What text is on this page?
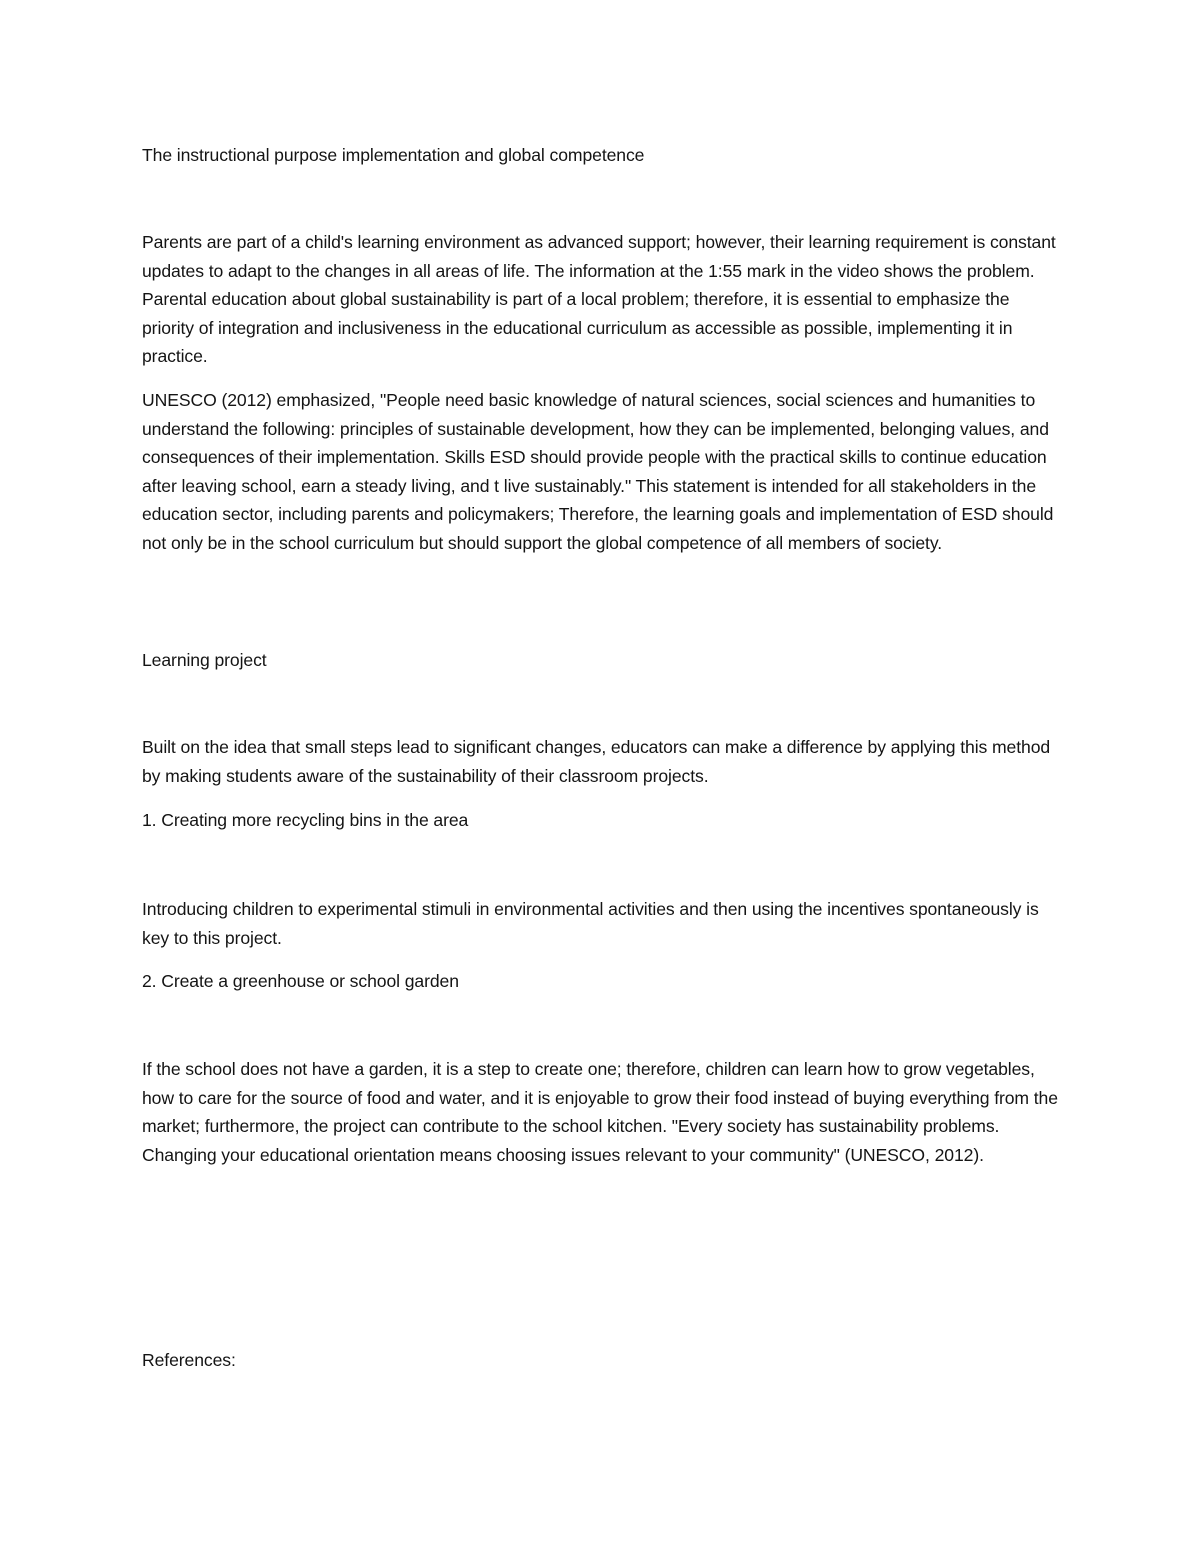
The instructional purpose implementation and global competence

Parents are part of a child's learning environment as advanced support; however, their learning requirement is constant updates to adapt to the changes in all areas of life. The information at the 1:55 mark in the video shows the problem. Parental education about global sustainability is part of a local problem; therefore, it is essential to emphasize the priority of integration and inclusiveness in the educational curriculum as accessible as possible, implementing it in practice.

UNESCO (2012) emphasized, "People need basic knowledge of natural sciences, social sciences and humanities to understand the following: principles of sustainable development, how they can be implemented, belonging values, and consequences of their implementation. Skills ESD should provide people with the practical skills to continue education after leaving school, earn a steady living, and t live sustainably." This statement is intended for all stakeholders in the education sector, including parents and policymakers; Therefore, the learning goals and implementation of ESD should not only be in the school curriculum but should support the global competence of all members of society.

Learning project

Built on the idea that small steps lead to significant changes, educators can make a difference by applying this method by making students aware of the sustainability of their classroom projects.

1. Creating more recycling bins in the area

Introducing children to experimental stimuli in environmental activities and then using the incentives spontaneously is key to this project.

2. Create a greenhouse or school garden

If the school does not have a garden, it is a step to create one; therefore, children can learn how to grow vegetables, how to care for the source of food and water, and it is enjoyable to grow their food instead of buying everything from the market; furthermore, the project can contribute to the school kitchen. "Every society has sustainability problems. Changing your educational orientation means choosing issues relevant to your community" (UNESCO, 2012).

References:
